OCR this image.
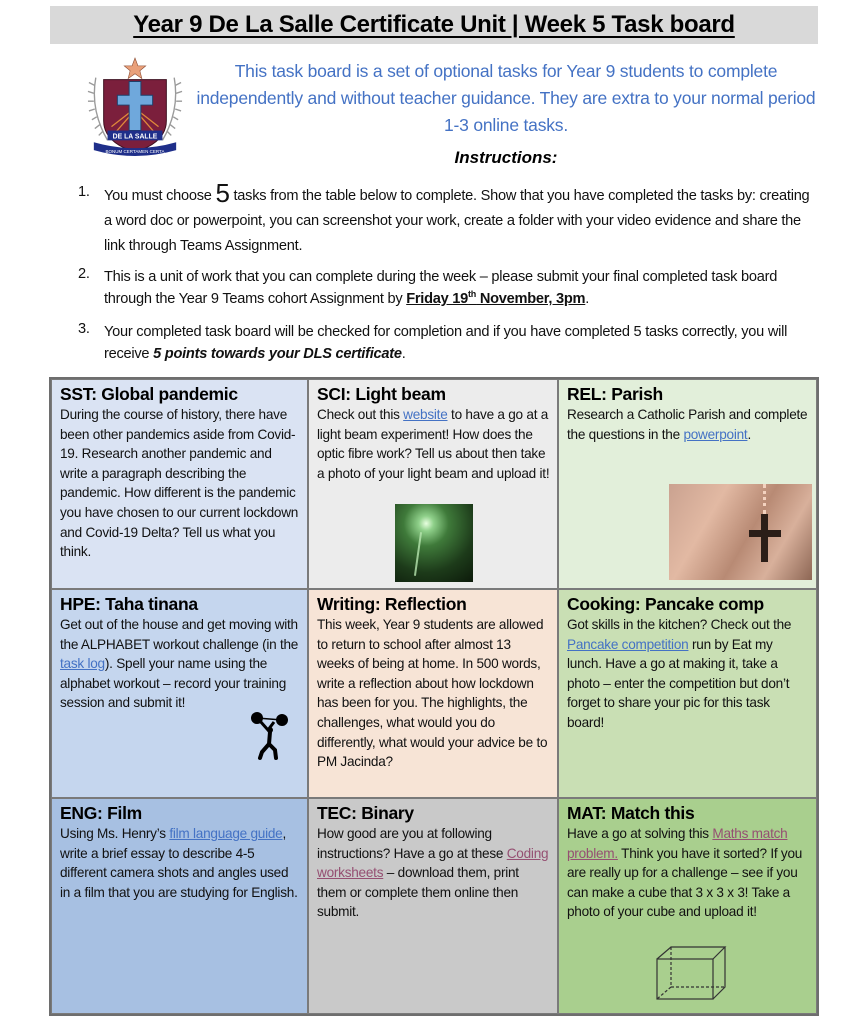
Year 9 De La Salle Certificate Unit | Week 5 Task board
DE LA SALLE
BONUM CERTAMEN CERTA
This task board is a set of optional tasks for Year 9 students to complete independently and without teacher guidance. They are extra to your normal period 1-3 online tasks.
Instructions:
1. You must choose 5 tasks from the table below to complete. Show that you have completed the tasks by: creating a word doc or powerpoint, you can screenshot your work, create a folder with your video evidence and share the link through Teams Assignment.
2. This is a unit of work that you can complete during the week – please submit your final completed task board through the Year 9 Teams cohort Assignment by Friday 19th November, 3pm.
3. Your completed task board will be checked for completion and if you have completed 5 tasks correctly, you will receive 5 points towards your DLS certificate.
SST: Global pandemic

During the course of history, there have been other pandemics aside from Covid-19. Research another pandemic and write a paragraph describing the pandemic. How different is the pandemic you have chosen to our current lockdown and Covid-19 Delta? Tell us what you think.

SCI: Light beam

Check out this website to have a go at a light beam experiment! How does the optic fibre work? Tell us about then take a photo of your light beam and upload it!

REL: Parish

Research a Catholic Parish and complete the questions in the powerpoint.

HPE: Taha tinana

Get out of the house and get moving with the ALPHABET workout challenge (in the task log). Spell your name using the alphabet workout – record your training session and submit it!

Writing: Reflection

This week, Year 9 students are allowed to return to school after almost 13 weeks of being at home. In 500 words, write a reflection about how lockdown has been for you. The highlights, the challenges, what would you do differently, what would your advice be to PM Jacinda?

Cooking: Pancake comp

Got skills in the kitchen? Check out the Pancake competition run by Eat my lunch. Have a go at making it, take a photo – enter the competition but don’t forget to share your pic for this task board!

ENG: Film

Using Ms. Henry’s film language guide, write a brief essay to describe 4-5 different camera shots and angles used in a film that you are studying for English.

TEC: Binary

How good are you at following instructions? Have a go at these Coding worksheets – download them, print them or complete them online then submit.

MAT: Match this

Have a go at solving this Maths match problem. Think you have it sorted? If you are really up for a challenge – see if you can make a cube that 3 x 3 x 3! Take a photo of your cube and upload it!
